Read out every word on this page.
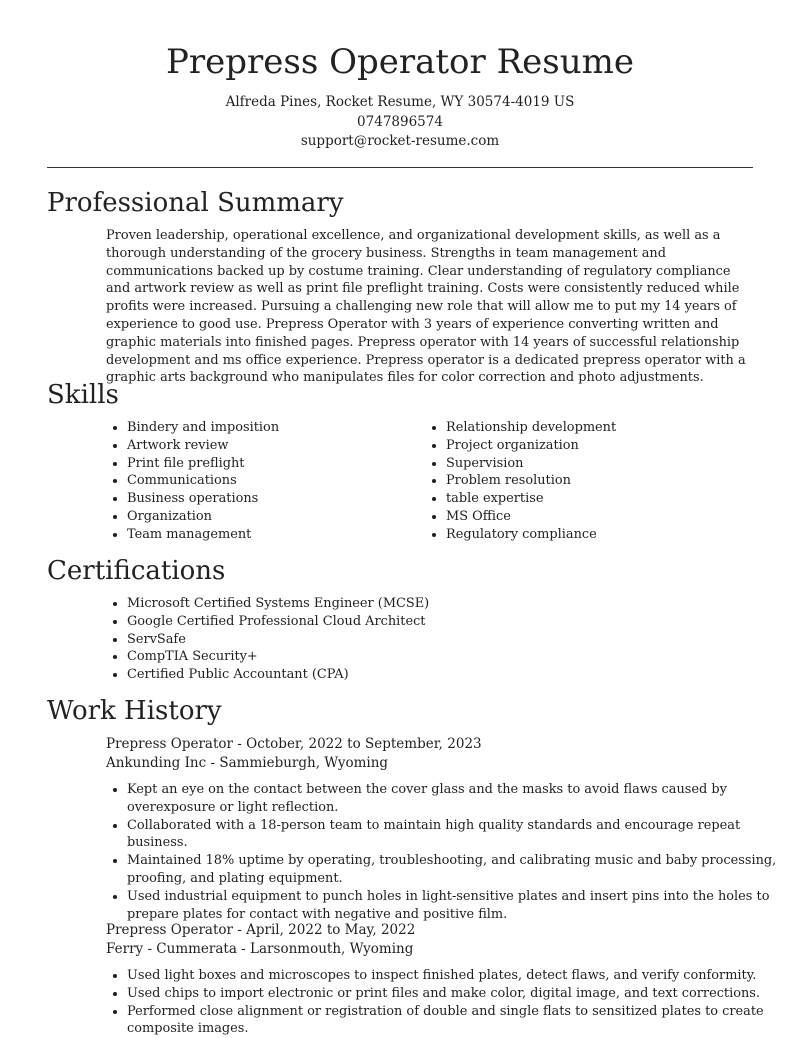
Prepress Operator Resume
Alfreda Pines, Rocket Resume, WY 30574-4019 US
0747896574
support@rocket-resume.com
Professional Summary

Proven leadership, operational excellence, and organizational development skills, as well as a thorough understanding of the grocery business. Strengths in team management and communications backed up by costume training. Clear understanding of regulatory compliance and artwork review as well as print file preflight training. Costs were consistently reduced while profits were increased. Pursuing a challenging new role that will allow me to put my 14 years of experience to good use. Prepress Operator with 3 years of experience converting written and graphic materials into finished pages. Prepress operator with 14 years of successful relationship development and ms office experience. Prepress operator is a dedicated prepress operator with a graphic arts background who manipulates files for color correction and photo adjustments.

Skills
• Bindery and imposition
• Artwork review
• Print file preflight
• Communications
• Business operations
• Organization
• Team management
• Relationship development
• Project organization
• Supervision
• Problem resolution
• table expertise
• MS Office
• Regulatory compliance
Certifications
• Microsoft Certified Systems Engineer (MCSE)
• Google Certified Professional Cloud Architect
• ServSafe
• CompTIA Security+
• Certified Public Accountant (CPA)
Work History
Prepress Operator - October, 2022 to September, 2023
Ankunding Inc - Sammieburgh, Wyoming
• Kept an eye on the contact between the cover glass and the masks to avoid flaws caused by overexposure or light reflection.
• Collaborated with a 18-person team to maintain high quality standards and encourage repeat business.
• Maintained 18% uptime by operating, troubleshooting, and calibrating music and baby processing, proofing, and plating equipment.
• Used industrial equipment to punch holes in light-sensitive plates and insert pins into the holes to prepare plates for contact with negative and positive film.
Prepress Operator - April, 2022 to May, 2022
Ferry - Cummerata - Larsonmouth, Wyoming
• Used light boxes and microscopes to inspect finished plates, detect flaws, and verify conformity.
• Used chips to import electronic or print files and make color, digital image, and text corrections.
• Performed close alignment or registration of double and single flats to sensitized plates to create composite images.
